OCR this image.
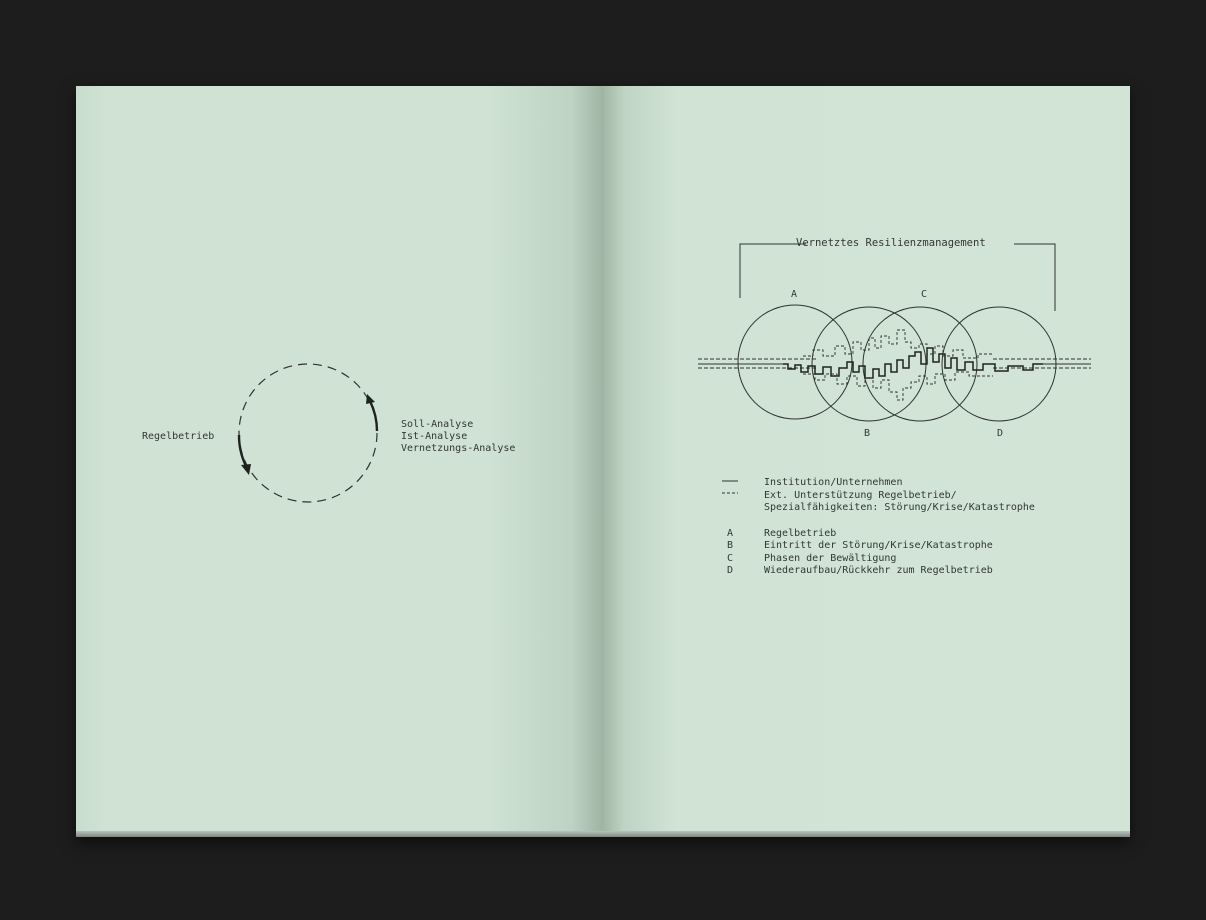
Regelbetrieb
Soll-Analyse
Ist-Analyse
Vernetzungs-Analyse
Vernetztes Resilienzmanagement
A
B
C
D
Institution/Unternehmen
Ext. Unterstützung Regelbetrieb/
Spezialfähigkeiten: Störung/Krise/Katastrophe
A	Regelbetrieb
B	Eintritt der Störung/Krise/Katastrophe
C	Phasen der Bewältigung
D	Wiederaufbau/Rückkehr zum Regelbetrieb
